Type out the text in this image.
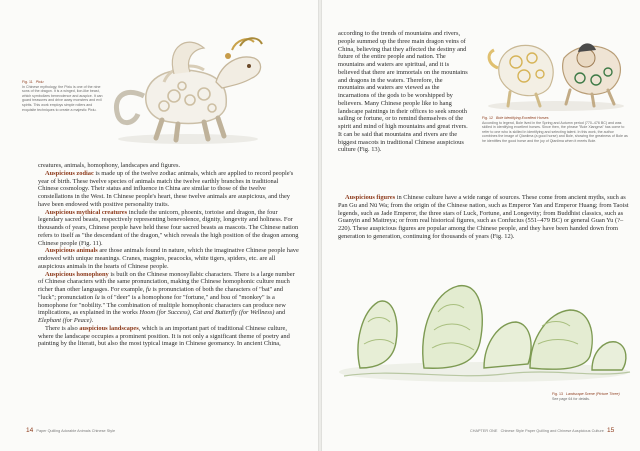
Fig. 11 Pixiu
In Chinese mythology, the Pixiu is one of the nine sons of the dragon. It is a winged, lion-like beast, which symbolizes benevolence and auspice. It can guard treasures and drive away monsters and evil spirits. This work employs simple rollers and exquisite techniques to create a majestic Pixiu.

creatures, animals, homophony, landscapes and figures.

Auspicious zodiac is made up of the twelve zodiac animals, which are applied to record people's year of birth. These twelve species of animals match the twelve earthly branches in traditional Chinese cosmology. Their status and influence in China are similar to those of the twelve constellations in the West. In Chinese people's heart, these twelve animals are auspicious, and they have been endowed with positive personality traits.

Auspicious mythical creatures include the unicorn, phoenix, tortoise and dragon, the four legendary sacred beasts, respectively representing benevolence, dignity, longevity and holiness. For thousands of years, Chinese people have held these four sacred beasts as mascots. The Chinese nation refers to itself as "the descendant of the dragon," which reveals the high position of the dragon among Chinese people (Fig. 11).

Auspicious animals are those animals found in nature, which the imaginative Chinese people have endowed with unique meanings. Cranes, magpies, peacocks, white tigers, spiders, etc. are all auspicious animals in the hearts of Chinese people.

Auspicious homophony is built on the Chinese monosyllabic characters. There is a large number of Chinese characters with the same pronunciation, making the Chinese homophonic culture much richer than other languages. For example, fu is pronunciation of both the characters of "bat" and "luck"; pronunciation lu is of "deer" is a homophone for "fortune," and hou of "monkey" is a homophone for "nobility." The combination of multiple homophonic characters can produce new implications, as explained in the works Hoom (for Success), Cat and Butterfly (for Wellness) and Elephant (for Peace).

There is also auspicious landscapes, which is an important part of traditional Chinese culture, where the landscape occupies a prominent position. It is not only a significant theme of poetry and painting by the literati, but also the most typical image in Chinese geomancy. In ancient China,

14 Paper Quilling Adorable Animals Chinese Style

according to the trends of mountains and rivers, people summed up the three main dragon veins of China, believing that they affected the destiny and future of the entire people and nation. The mountains and waters are spiritual, and it is believed that there are immortals on the mountains and dragons in the waters. Therefore, the mountains and waters are viewed as the incarnations of the gods to be worshipped by believers. Many Chinese people like to hang landscape paintings in their offices to seek smooth sailing or fortune, or to remind themselves of the spirit and mind of high mountains and great rivers. It can be said that mountains and rivers are the biggest mascots in traditional Chinese auspicious culture (Fig. 13).

Fig. 12 Bole Identifying Excellent Horses
According to legend, Bole lived in the Spring and Autumn period (770–476 BC) and was skilled in identifying excellent horses. Since then, the phrase "Bole Xiangma" has come to refer to one who is skilled in identifying and selecting talent. In this work, the author combines the image of Qianlima (a good horse) and Bole, showing the greatness of Bole as he identifies the good horse and the joy of Qianlima when it meets Bole.

Auspicious figures in Chinese culture have a wide range of sources. These come from ancient myths, such as Pan Gu and Nü Wa; from the origin of the Chinese nation, such as Emperor Yan and Emperor Huang; from Taoist legends, such as Jade Emperor, the three stars of Luck, Fortune, and Longevity; from Buddhist classics, such as Guanyin and Maitreya; or from real historical figures, such as Confucius (551–479 BC) or general Guan Yu (?–220). These auspicious figures are popular among the Chinese people, and they have been handed down from generation to generation, continuing for thousands of years (Fig. 12).

Fig. 13 Landscape Scene (Picture Three)
See page 64 for details.
CHAPTER ONE Chinese Style Paper Quilling and Chinese Auspicious Culture 15
